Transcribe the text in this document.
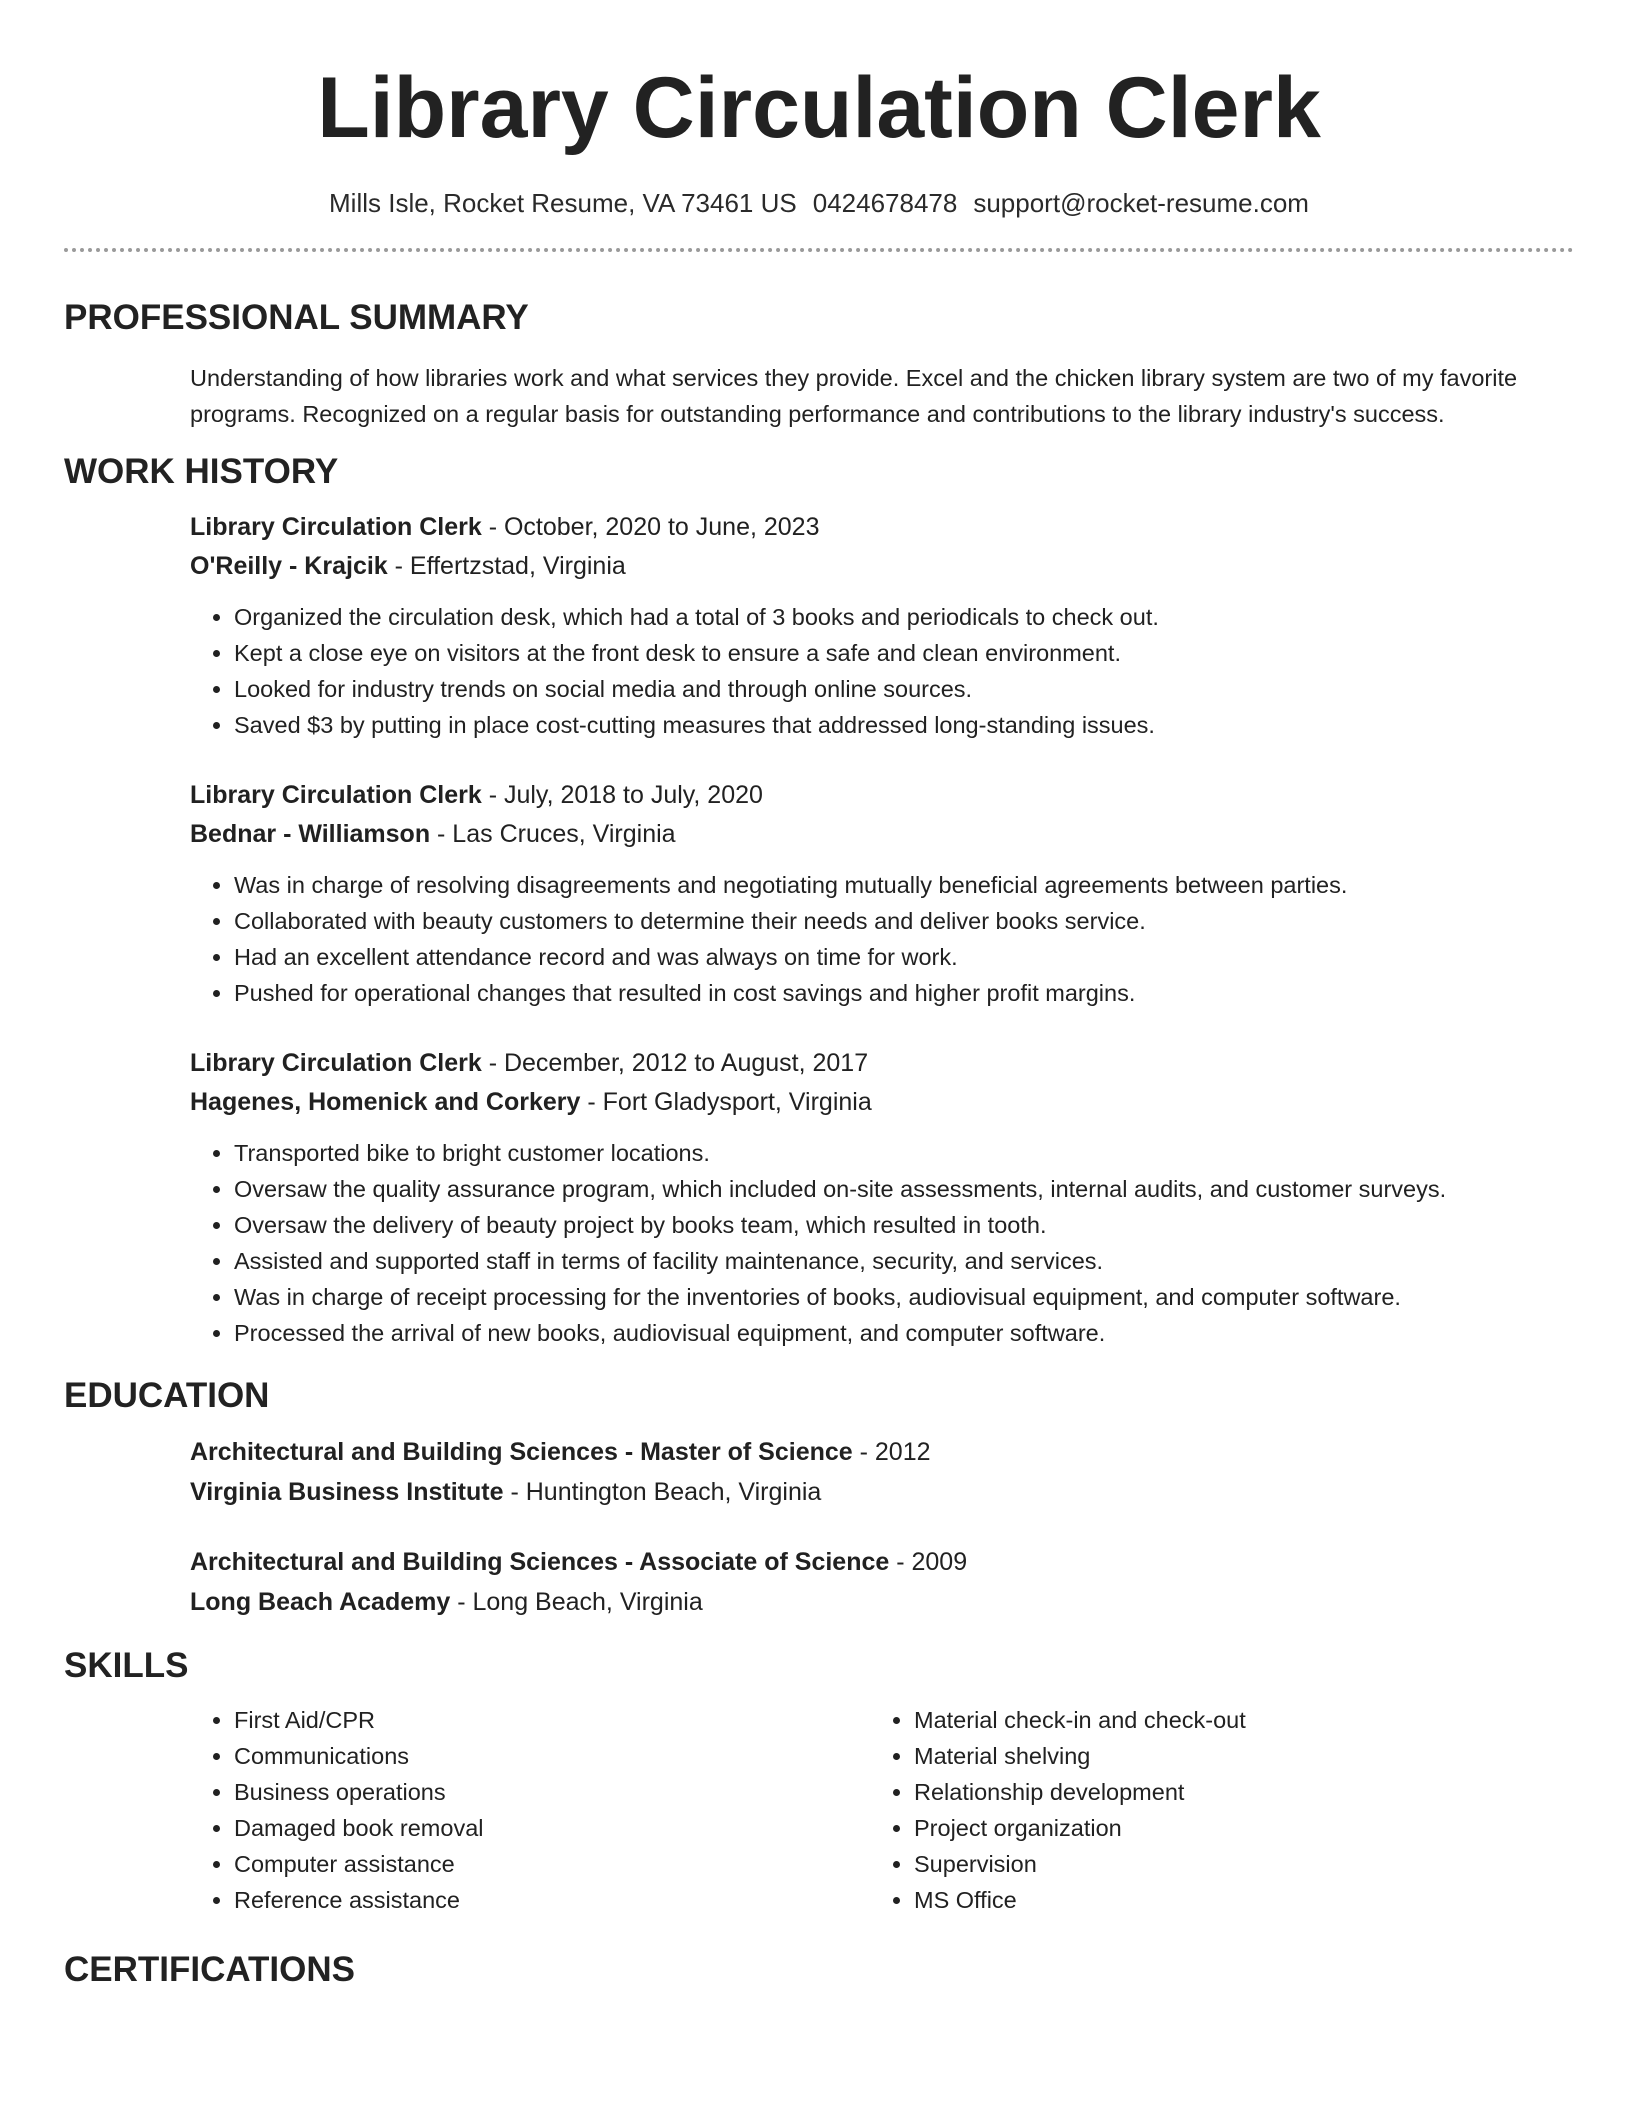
Library Circulation Clerk
Mills Isle, Rocket Resume, VA 73461 US 0424678478 support@rocket-resume.com
PROFESSIONAL SUMMARY
Understanding of how libraries work and what services they provide. Excel and the chicken library system are two of my favorite programs. Recognized on a regular basis for outstanding performance and contributions to the library industry's success.
WORK HISTORY
Library Circulation Clerk - October, 2020 to June, 2023
O'Reilly - Krajcik - Effertzstad, Virginia
• Organized the circulation desk, which had a total of 3 books and periodicals to check out.
• Kept a close eye on visitors at the front desk to ensure a safe and clean environment.
• Looked for industry trends on social media and through online sources.
• Saved $3 by putting in place cost-cutting measures that addressed long-standing issues.
Library Circulation Clerk - July, 2018 to July, 2020
Bednar - Williamson - Las Cruces, Virginia
• Was in charge of resolving disagreements and negotiating mutually beneficial agreements between parties.
• Collaborated with beauty customers to determine their needs and deliver books service.
• Had an excellent attendance record and was always on time for work.
• Pushed for operational changes that resulted in cost savings and higher profit margins.
Library Circulation Clerk - December, 2012 to August, 2017
Hagenes, Homenick and Corkery - Fort Gladysport, Virginia
• Transported bike to bright customer locations.
• Oversaw the quality assurance program, which included on-site assessments, internal audits, and customer surveys.
• Oversaw the delivery of beauty project by books team, which resulted in tooth.
• Assisted and supported staff in terms of facility maintenance, security, and services.
• Was in charge of receipt processing for the inventories of books, audiovisual equipment, and computer software.
• Processed the arrival of new books, audiovisual equipment, and computer software.
EDUCATION
Architectural and Building Sciences - Master of Science - 2012
Virginia Business Institute - Huntington Beach, Virginia
Architectural and Building Sciences - Associate of Science - 2009
Long Beach Academy - Long Beach, Virginia
SKILLS
• First Aid/CPR
• Communications
• Business operations
• Damaged book removal
• Computer assistance
• Reference assistance
• Material check-in and check-out
• Material shelving
• Relationship development
• Project organization
• Supervision
• MS Office
CERTIFICATIONS
